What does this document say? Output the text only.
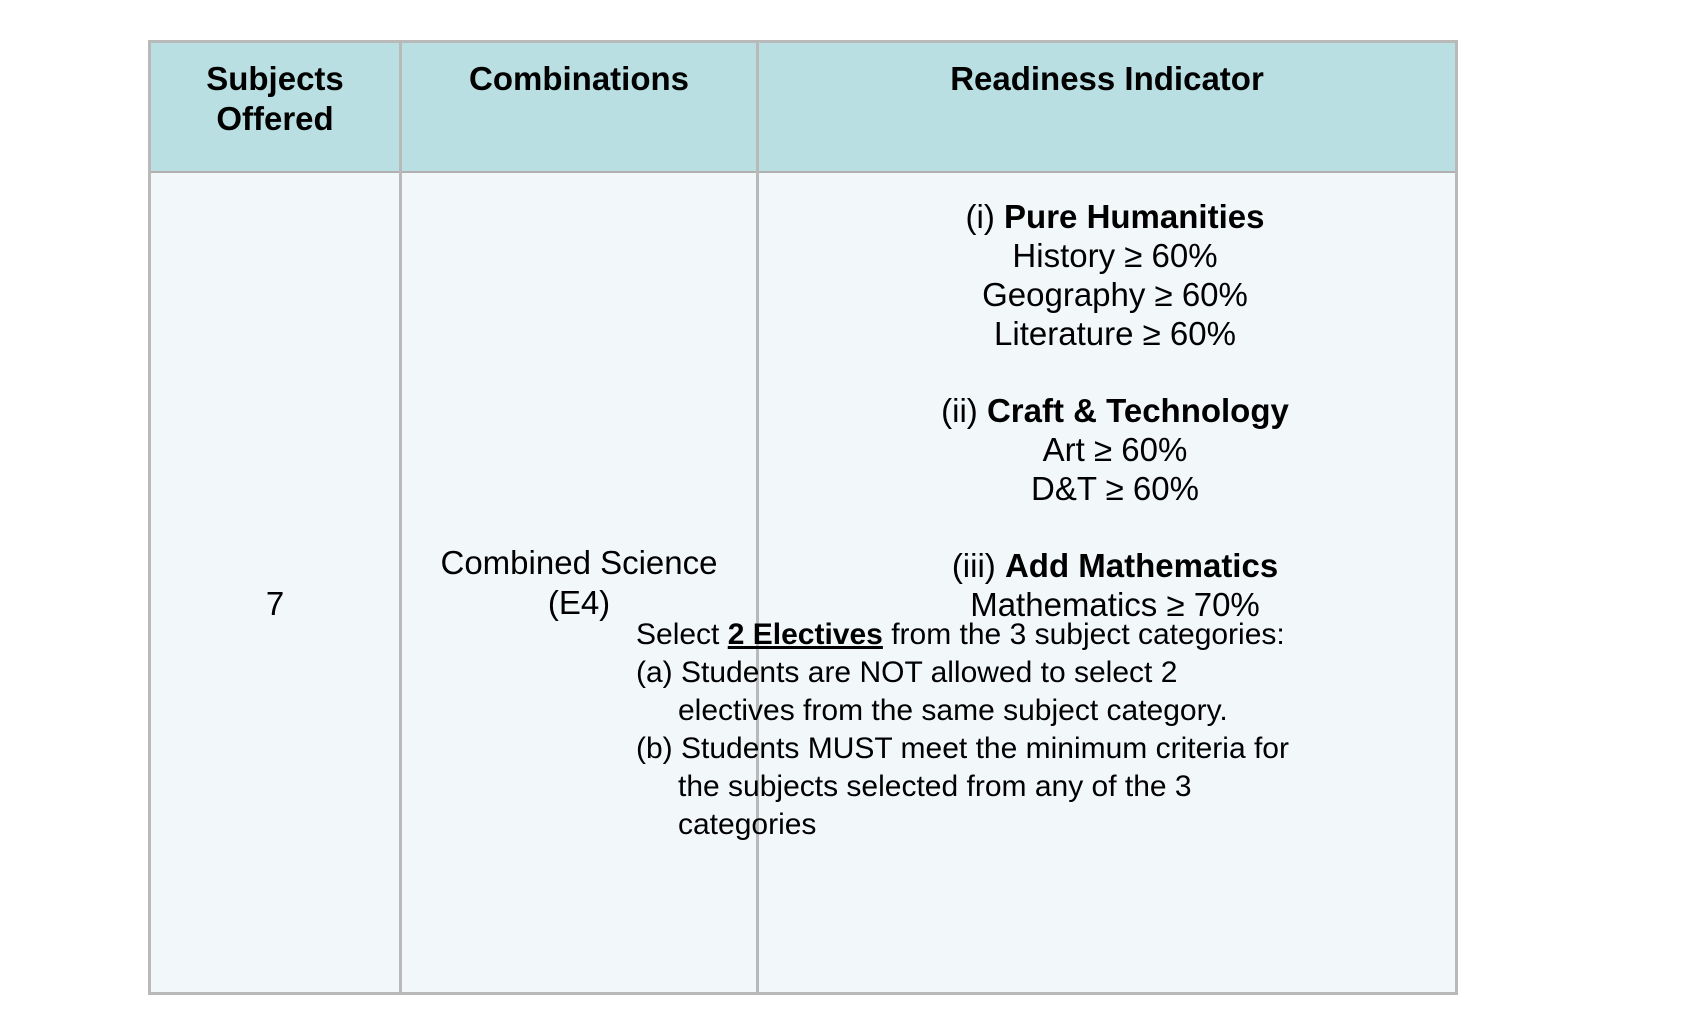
Subjects
Offered
Combinations	Readiness Indicator
7
Combined Science
(E4)
(i) Pure Humanities
History ≥ 60%
Geography ≥ 60%
Literature ≥ 60%
(ii) Craft & Technology
Art ≥ 60%
D&T ≥ 60%
(iii) Add Mathematics
Mathematics ≥ 70%
Select 2 Electives from the 3 subject categories:
(a) Students are NOT allowed to select 2 electives from the same subject category.
(b) Students MUST meet the minimum criteria for the subjects selected from any of the 3 categories
